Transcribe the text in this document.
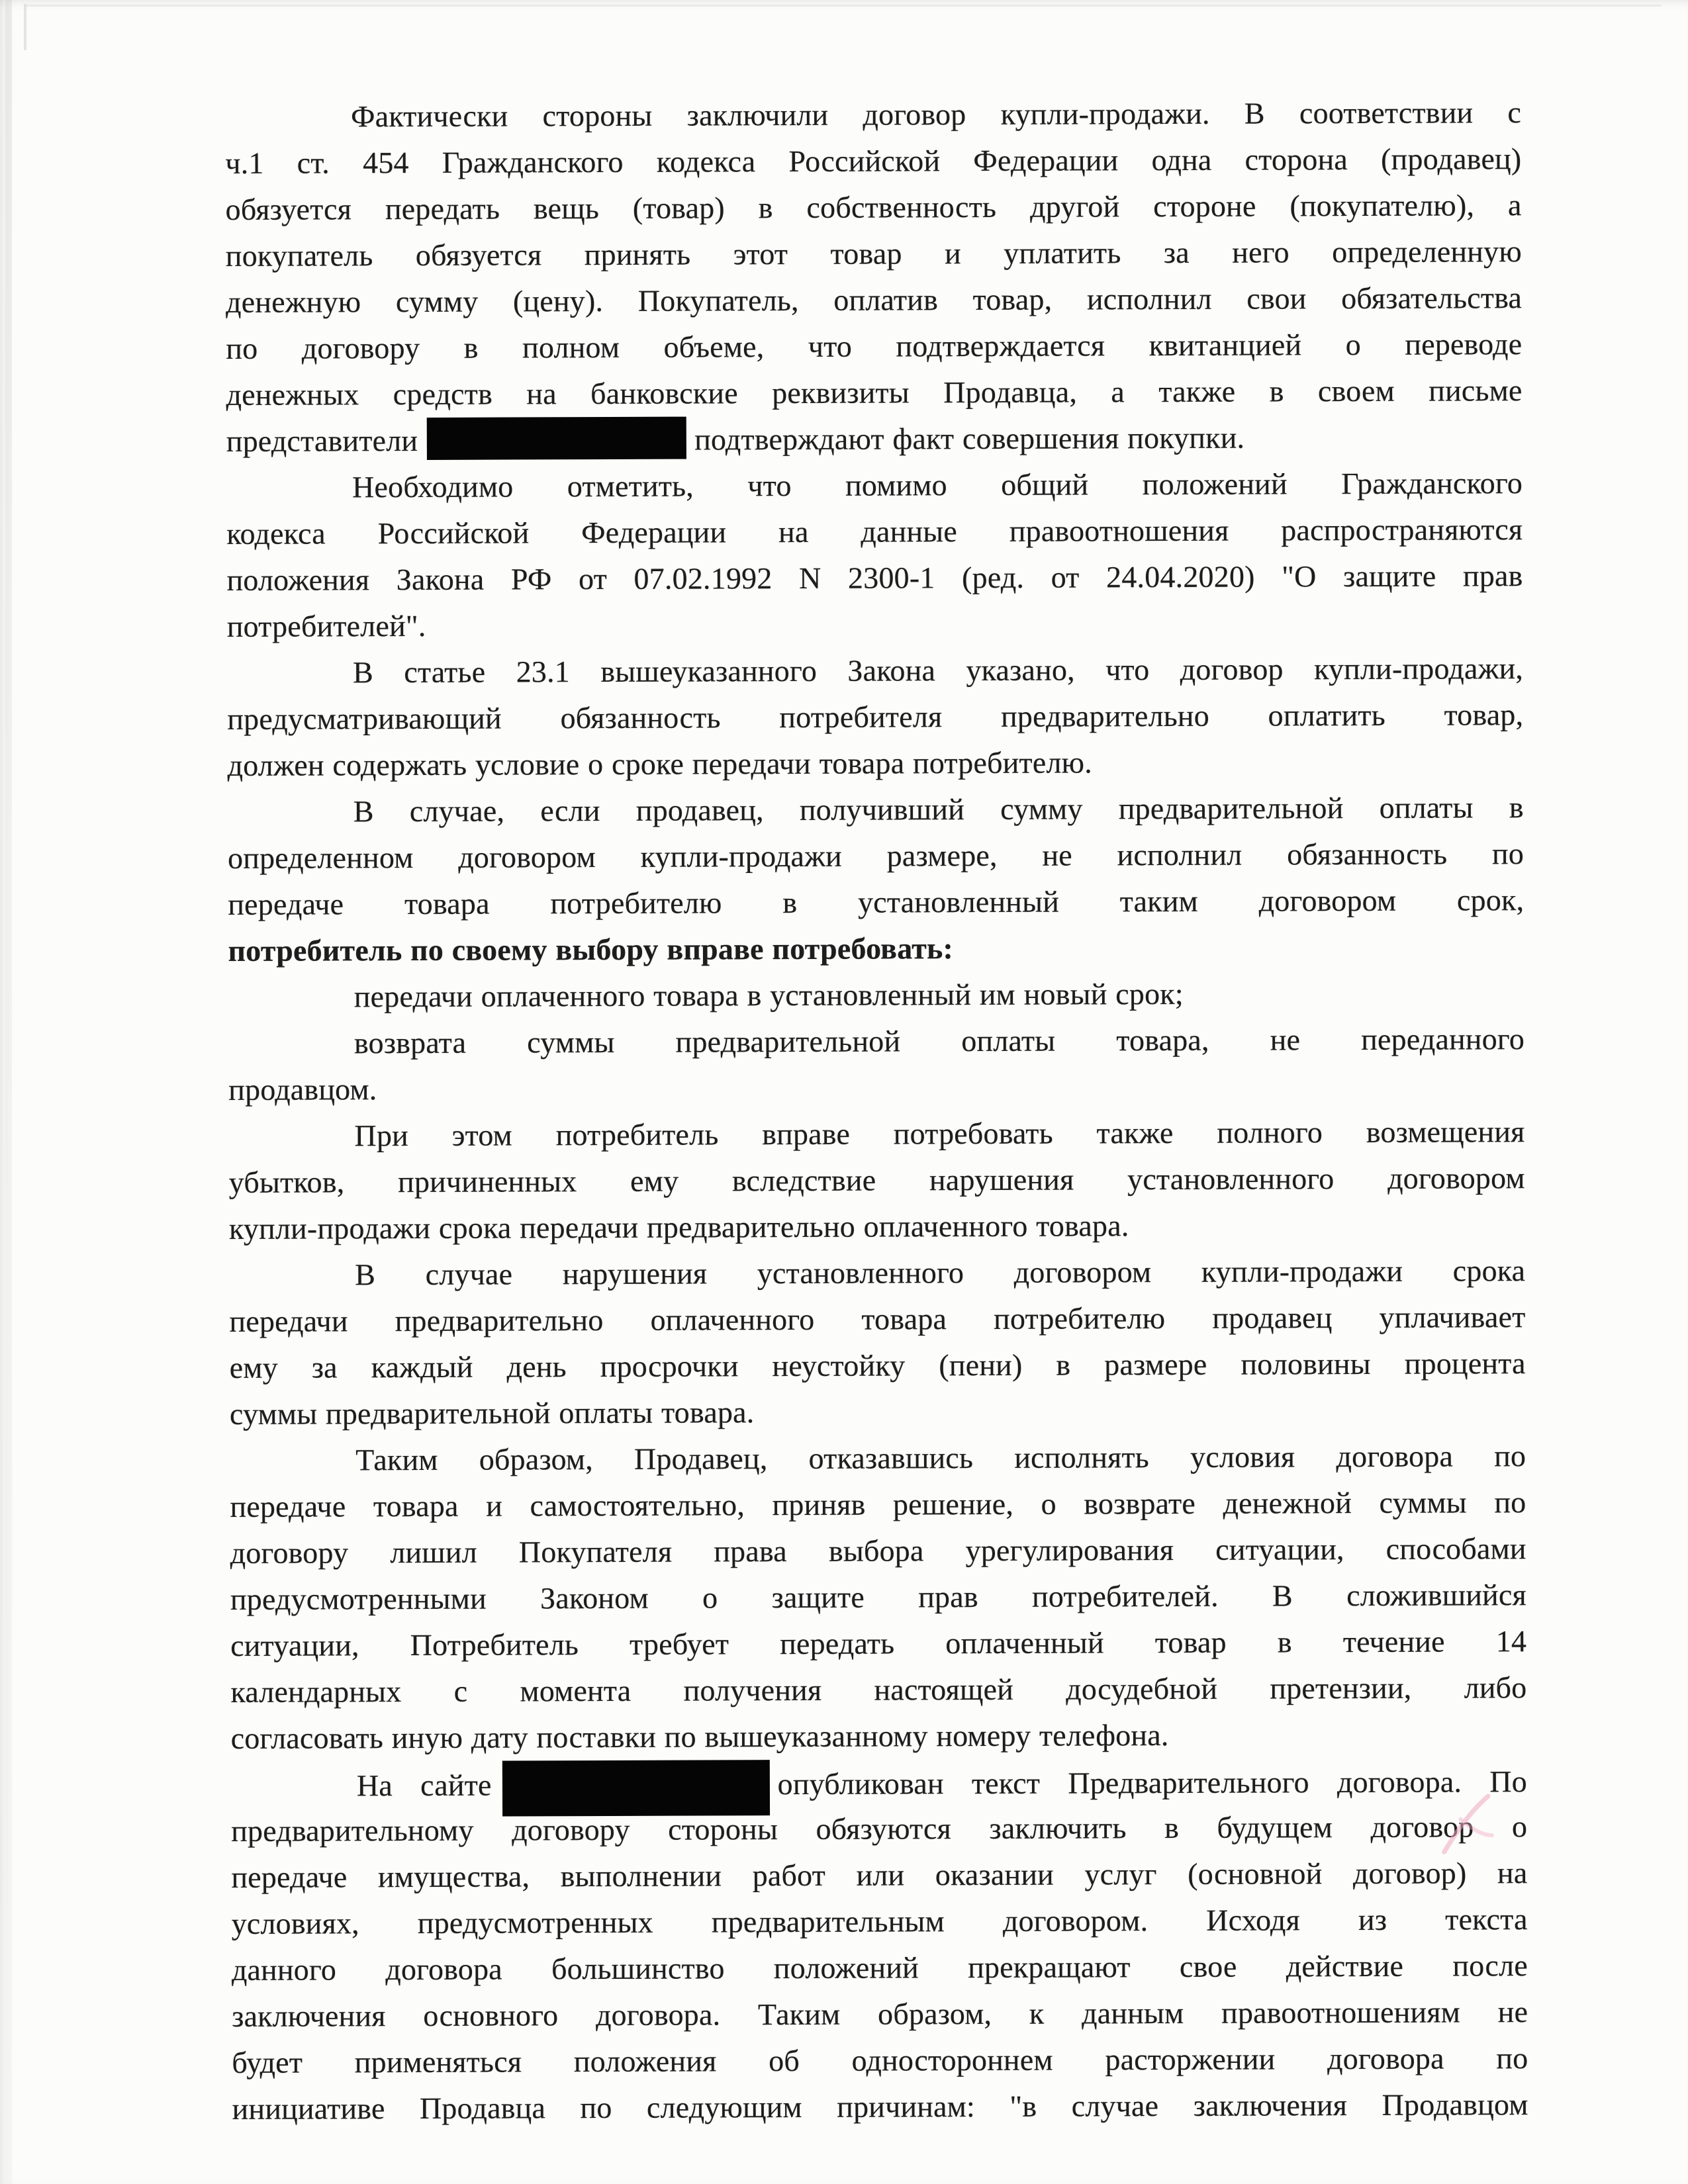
Фактически стороны заключили договор купли-продажи. В соответствии с
ч.1 ст. 454 Гражданского кодекса Российской Федерации одна сторона (продавец)
обязуется передать вещь (товар) в собственность другой стороне (покупателю), а
покупатель обязуется принять этот товар и уплатить за него определенную
денежную сумму (цену). Покупатель, оплатив товар, исполнил свои обязательства
по договору в полном объеме, что подтверждается квитанцией о переводе
денежных средств на банковские реквизиты Продавца, а также в своем письме
представители	подтверждают факт совершения покупки.
Необходимо отметить, что помимо общий положений Гражданского
кодекса Российской Федерации на данные правоотношения распространяются
положения Закона РФ от 07.02.1992 N 2300-1 (ред. от 24.04.2020) "О защите прав
потребителей".
В статье 23.1 вышеуказанного Закона указано, что договор купли-продажи,
предусматривающий обязанность потребителя предварительно оплатить товар,
должен содержать условие о сроке передачи товара потребителю.
В случае, если продавец, получивший сумму предварительной оплаты в
определенном договором купли-продажи размере, не исполнил обязанность по
передаче товара потребителю в установленный таким договором срок,
потребитель по своему выбору вправе потребовать:
передачи оплаченного товара в установленный им новый срок;
возврата суммы предварительной оплаты товара, не переданного
продавцом.
При этом потребитель вправе потребовать также полного возмещения
убытков, причиненных ему вследствие нарушения установленного договором
купли-продажи срока передачи предварительно оплаченного товара.
В случае нарушения установленного договором купли-продажи срока
передачи предварительно оплаченного товара потребителю продавец уплачивает
ему за каждый день просрочки неустойку (пени) в размере половины процента
суммы предварительной оплаты товара.
Таким образом, Продавец, отказавшись исполнять условия договора по
передаче товара и самостоятельно, приняв решение, о возврате денежной суммы по
договору лишил Покупателя права выбора урегулирования ситуации, способами
предусмотренными Законом о защите прав потребителей. В сложившийся
ситуации, Потребитель требует передать оплаченный товар в течение 14
календарных с момента получения настоящей досудебной претензии, либо
согласовать иную дату поставки по вышеуказанному номеру телефона.
На сайте	опубликован текст Предварительного договора. По
предварительному договору стороны обязуются заключить в будущем договор о
передаче имущества, выполнении работ или оказании услуг (основной договор) на
условиях, предусмотренных предварительным договором. Исходя из текста
данного договора большинство положений прекращают свое действие после
заключения основного договора. Таким образом, к данным правоотношениям не
будет применяться положения об одностороннем расторжении договора по
инициативе Продавца по следующим причинам: "в случае заключения Продавцом
